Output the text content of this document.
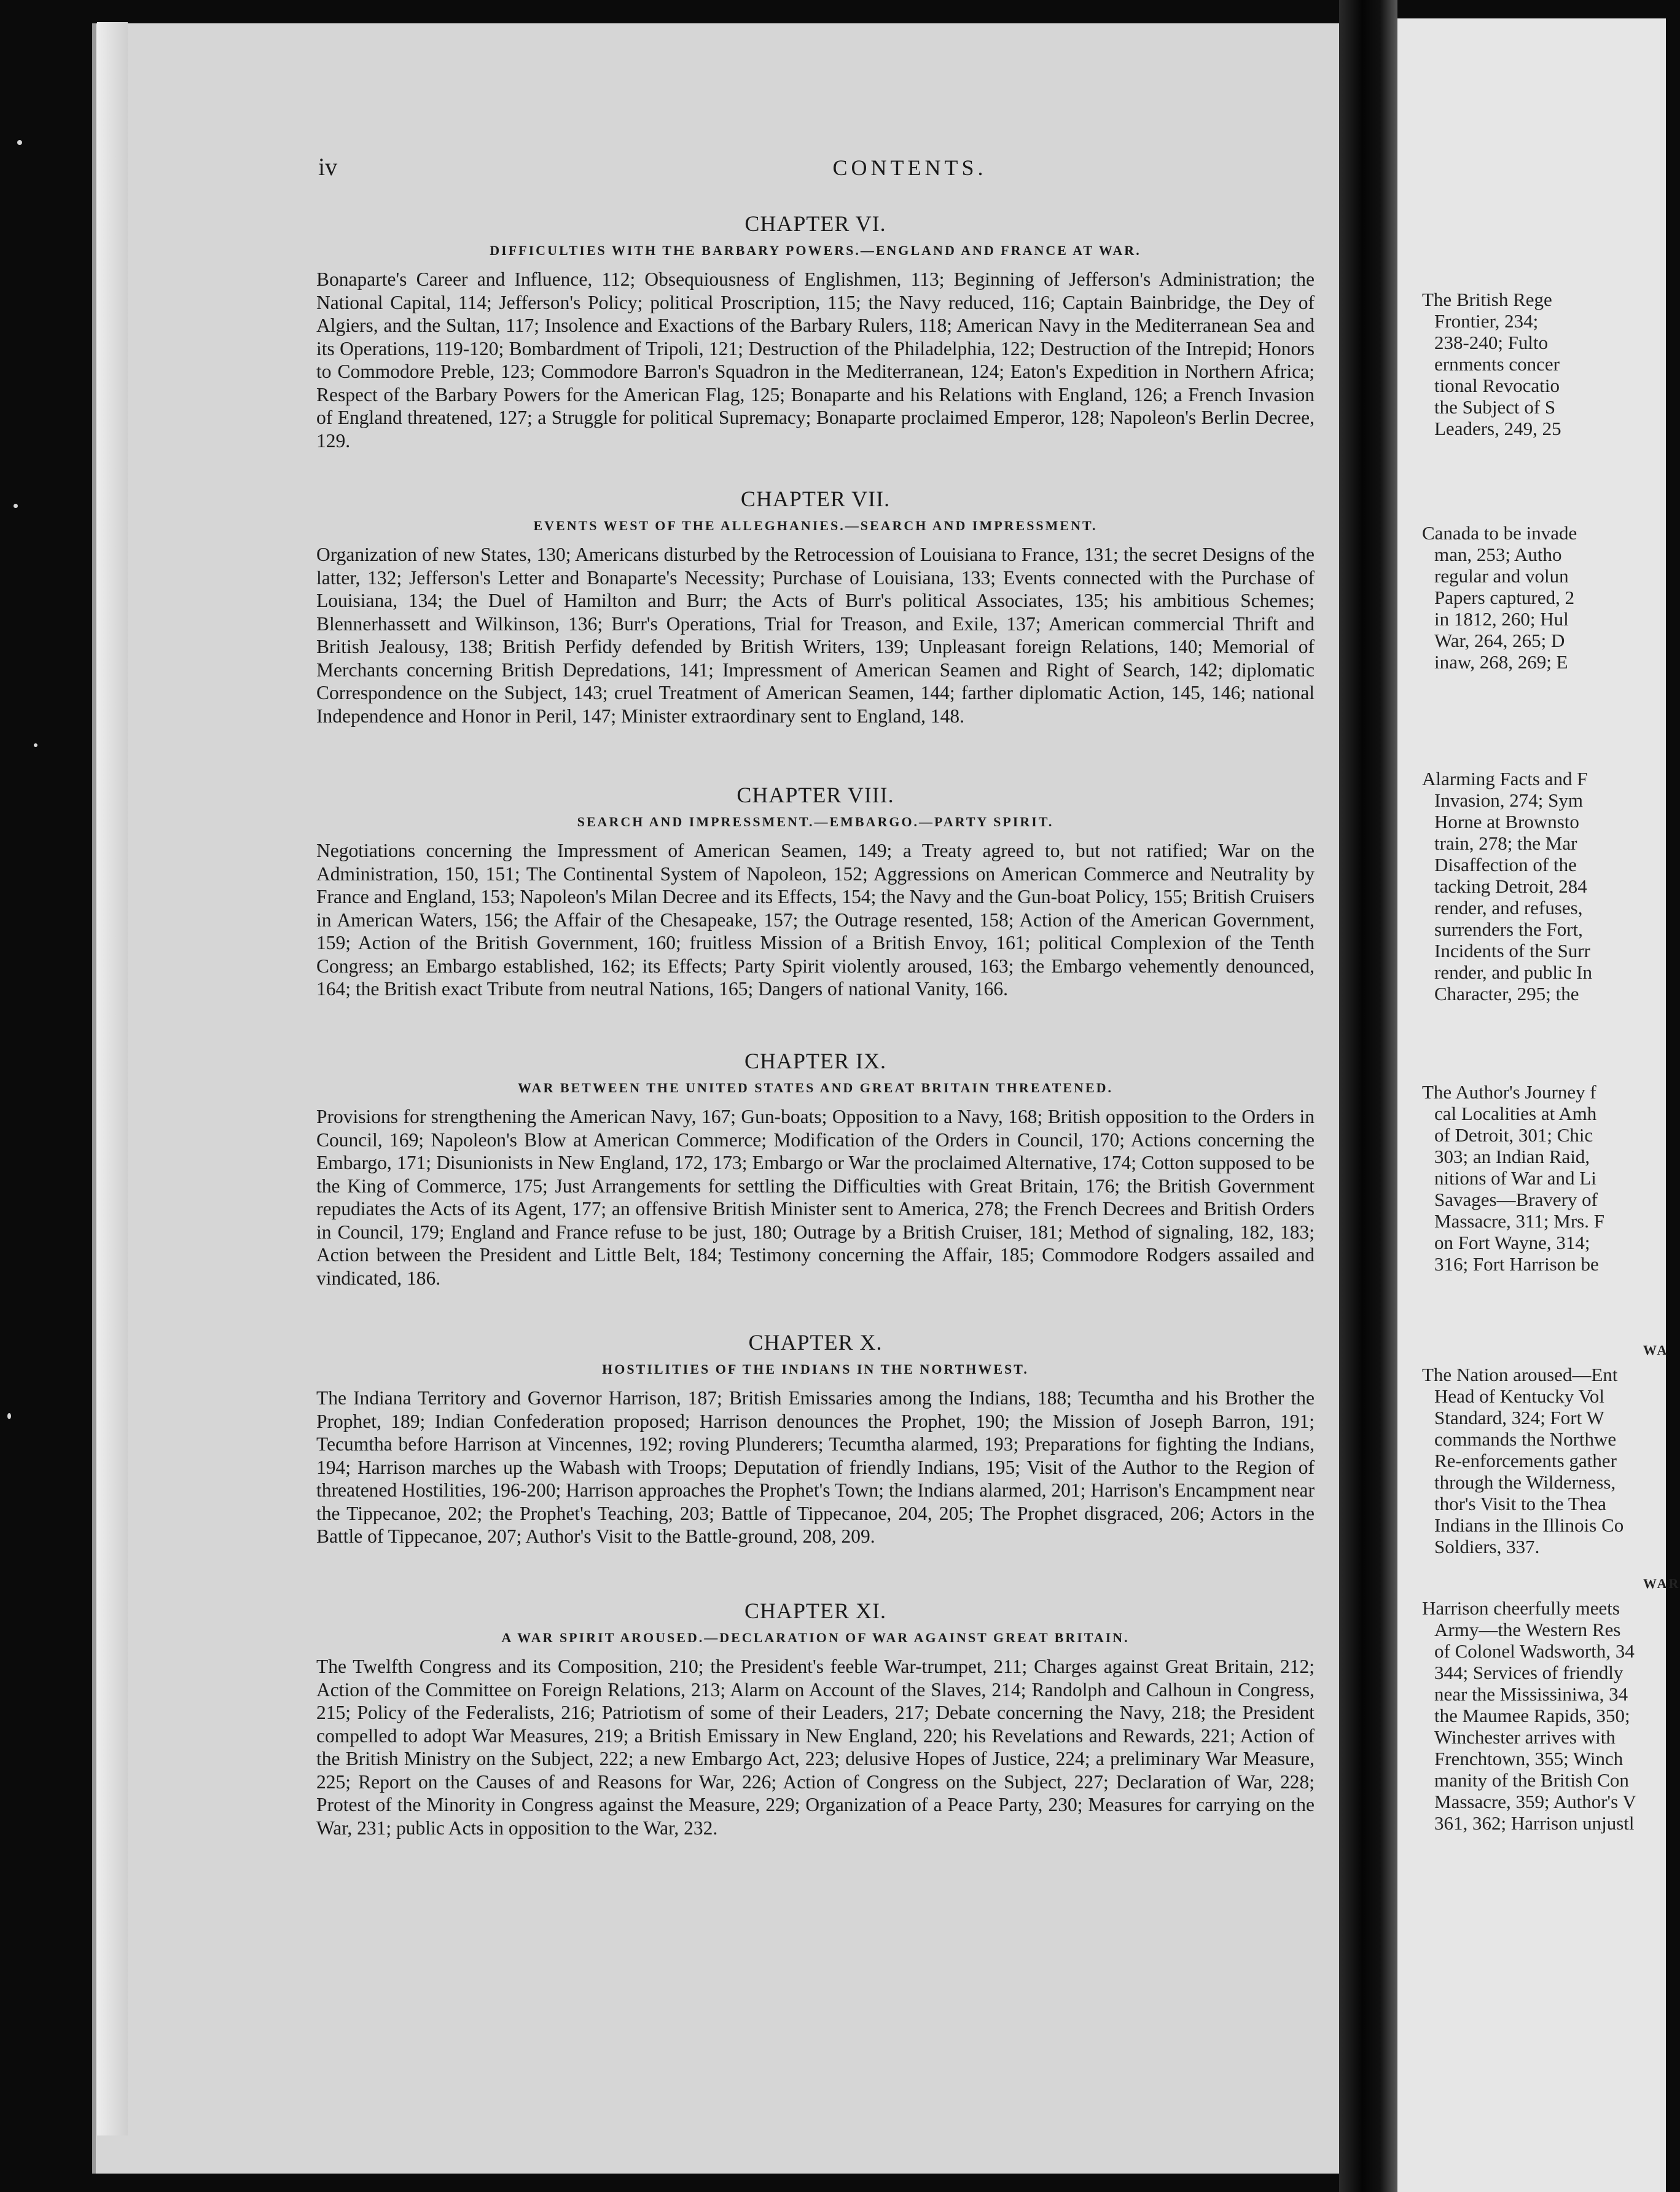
iv	CONTENTS.

CHAPTER VI.

DIFFICULTIES WITH THE BARBARY POWERS.—ENGLAND AND FRANCE AT WAR.

Bonaparte's Career and Influence, 112; Obsequiousness of Englishmen, 113; Beginning of Jefferson's Administration; the National Capital, 114; Jefferson's Policy; political Proscription, 115; the Navy reduced, 116; Captain Bainbridge, the Dey of Algiers, and the Sultan, 117; Insolence and Exactions of the Barbary Rulers, 118; American Navy in the Mediterranean Sea and its Operations, 119-120; Bombardment of Tripoli, 121; Destruction of the Philadelphia, 122; Destruction of the Intrepid; Honors to Commodore Preble, 123; Commodore Barron's Squadron in the Mediterranean, 124; Eaton's Expedition in Northern Africa; Respect of the Barbary Powers for the American Flag, 125; Bonaparte and his Relations with England, 126; a French Invasion of England threatened, 127; a Struggle for political Supremacy; Bonaparte proclaimed Emperor, 128; Napoleon's Berlin Decree, 129.

CHAPTER VII.

EVENTS WEST OF THE ALLEGHANIES.—SEARCH AND IMPRESSMENT.

Organization of new States, 130; Americans disturbed by the Retrocession of Louisiana to France, 131; the secret Designs of the latter, 132; Jefferson's Letter and Bonaparte's Necessity; Purchase of Louisiana, 133; Events connected with the Purchase of Louisiana, 134; the Duel of Hamilton and Burr; the Acts of Burr's political Associates, 135; his ambitious Schemes; Blennerhassett and Wilkinson, 136; Burr's Operations, Trial for Treason, and Exile, 137; American commercial Thrift and British Jealousy, 138; British Perfidy defended by British Writers, 139; Unpleasant foreign Relations, 140; Memorial of Merchants concerning British Depredations, 141; Impressment of American Seamen and Right of Search, 142; diplomatic Correspondence on the Subject, 143; cruel Treatment of American Seamen, 144; farther diplomatic Action, 145, 146; national Independence and Honor in Peril, 147; Minister extraordinary sent to England, 148.

CHAPTER VIII.

SEARCH AND IMPRESSMENT.—EMBARGO.—PARTY SPIRIT.

Negotiations concerning the Impressment of American Seamen, 149; a Treaty agreed to, but not ratified; War on the Administration, 150, 151; The Continental System of Napoleon, 152; Aggressions on American Commerce and Neutrality by France and England, 153; Napoleon's Milan Decree and its Effects, 154; the Navy and the Gun-boat Policy, 155; British Cruisers in American Waters, 156; the Affair of the Chesapeake, 157; the Outrage resented, 158; Action of the American Government, 159; Action of the British Government, 160; fruitless Mission of a British Envoy, 161; political Complexion of the Tenth Congress; an Embargo established, 162; its Effects; Party Spirit violently aroused, 163; the Embargo vehemently denounced, 164; the British exact Tribute from neutral Nations, 165; Dangers of national Vanity, 166.

CHAPTER IX.

WAR BETWEEN THE UNITED STATES AND GREAT BRITAIN THREATENED.

Provisions for strengthening the American Navy, 167; Gun-boats; Opposition to a Navy, 168; British opposition to the Orders in Council, 169; Napoleon's Blow at American Commerce; Modification of the Orders in Council, 170; Actions concerning the Embargo, 171; Disunionists in New England, 172, 173; Embargo or War the proclaimed Alternative, 174; Cotton supposed to be the King of Commerce, 175; Just Arrangements for settling the Difficulties with Great Britain, 176; the British Government repudiates the Acts of its Agent, 177; an offensive British Minister sent to America, 278; the French Decrees and British Orders in Council, 179; England and France refuse to be just, 180; Outrage by a British Cruiser, 181; Method of signaling, 182, 183; Action between the President and Little Belt, 184; Testimony concerning the Affair, 185; Commodore Rodgers assailed and vindicated, 186.

CHAPTER X.

HOSTILITIES OF THE INDIANS IN THE NORTHWEST.

The Indiana Territory and Governor Harrison, 187; British Emissaries among the Indians, 188; Tecumtha and his Brother the Prophet, 189; Indian Confederation proposed; Harrison denounces the Prophet, 190; the Mission of Joseph Barron, 191; Tecumtha before Harrison at Vincennes, 192; roving Plunderers; Tecumtha alarmed, 193; Preparations for fighting the Indians, 194; Harrison marches up the Wabash with Troops; Deputation of friendly Indians, 195; Visit of the Author to the Region of threatened Hostilities, 196-200; Harrison approaches the Prophet's Town; the Indians alarmed, 201; Harrison's Encampment near the Tippecanoe, 202; the Prophet's Teaching, 203; Battle of Tippecanoe, 204, 205; The Prophet disgraced, 206; Actors in the Battle of Tippecanoe, 207; Author's Visit to the Battle-ground, 208, 209.

CHAPTER XI.

A WAR SPIRIT AROUSED.—DECLARATION OF WAR AGAINST GREAT BRITAIN.

The Twelfth Congress and its Composition, 210; the President's feeble War-trumpet, 211; Charges against Great Britain, 212; Action of the Committee on Foreign Relations, 213; Alarm on Account of the Slaves, 214; Randolph and Calhoun in Congress, 215; Policy of the Federalists, 216; Patriotism of some of their Leaders, 217; Debate concerning the Navy, 218; the President compelled to adopt War Measures, 219; a British Emissary in New England, 220; his Revelations and Rewards, 221; Action of the British Ministry on the Subject, 222; a new Embargo Act, 223; delusive Hopes of Justice, 224; a preliminary War Measure, 225; Report on the Causes of and Reasons for War, 226; Action of Congress on the Subject, 227; Declaration of War, 228; Protest of the Minority in Congress against the Measure, 229; Organization of a Peace Party, 230; Measures for carrying on the War, 231; public Acts in opposition to the War, 232.

The British Rege
Frontier, 234;
238-240; Fulto
ernments concer
tional Revocatio
the Subject of S
Leaders, 249, 25
Canada to be invade
man, 253; Autho
regular and volun
Papers captured, 2
in 1812, 260; Hul
War, 264, 265; D
inaw, 268, 269; E
Alarming Facts and F
Invasion, 274; Sym
Horne at Brownsto
train, 278; the Mar
Disaffection of the
tacking Detroit, 284
render, and refuses,
surrenders the Fort,
Incidents of the Surr
render, and public In
Character, 295; the
The Author's Journey f
cal Localities at Amh
of Detroit, 301; Chic
303; an Indian Raid,
nitions of War and Li
Savages—Bravery of
Massacre, 311; Mrs. F
on Fort Wayne, 314;
316; Fort Harrison be
WA
The Nation aroused—Ent
Head of Kentucky Vol
Standard, 324; Fort W
commands the Northwe
Re-enforcements gather
through the Wilderness,
thor's Visit to the Thea
Indians in the Illinois Co
Soldiers, 337.
WAR
Harrison cheerfully meets
Army—the Western Res
of Colonel Wadsworth, 34
344; Services of friendly
near the Mississiniwa, 34
the Maumee Rapids, 350;
Winchester arrives with
Frenchtown, 355; Winch
manity of the British Con
Massacre, 359; Author's V
361, 362; Harrison unjustl
